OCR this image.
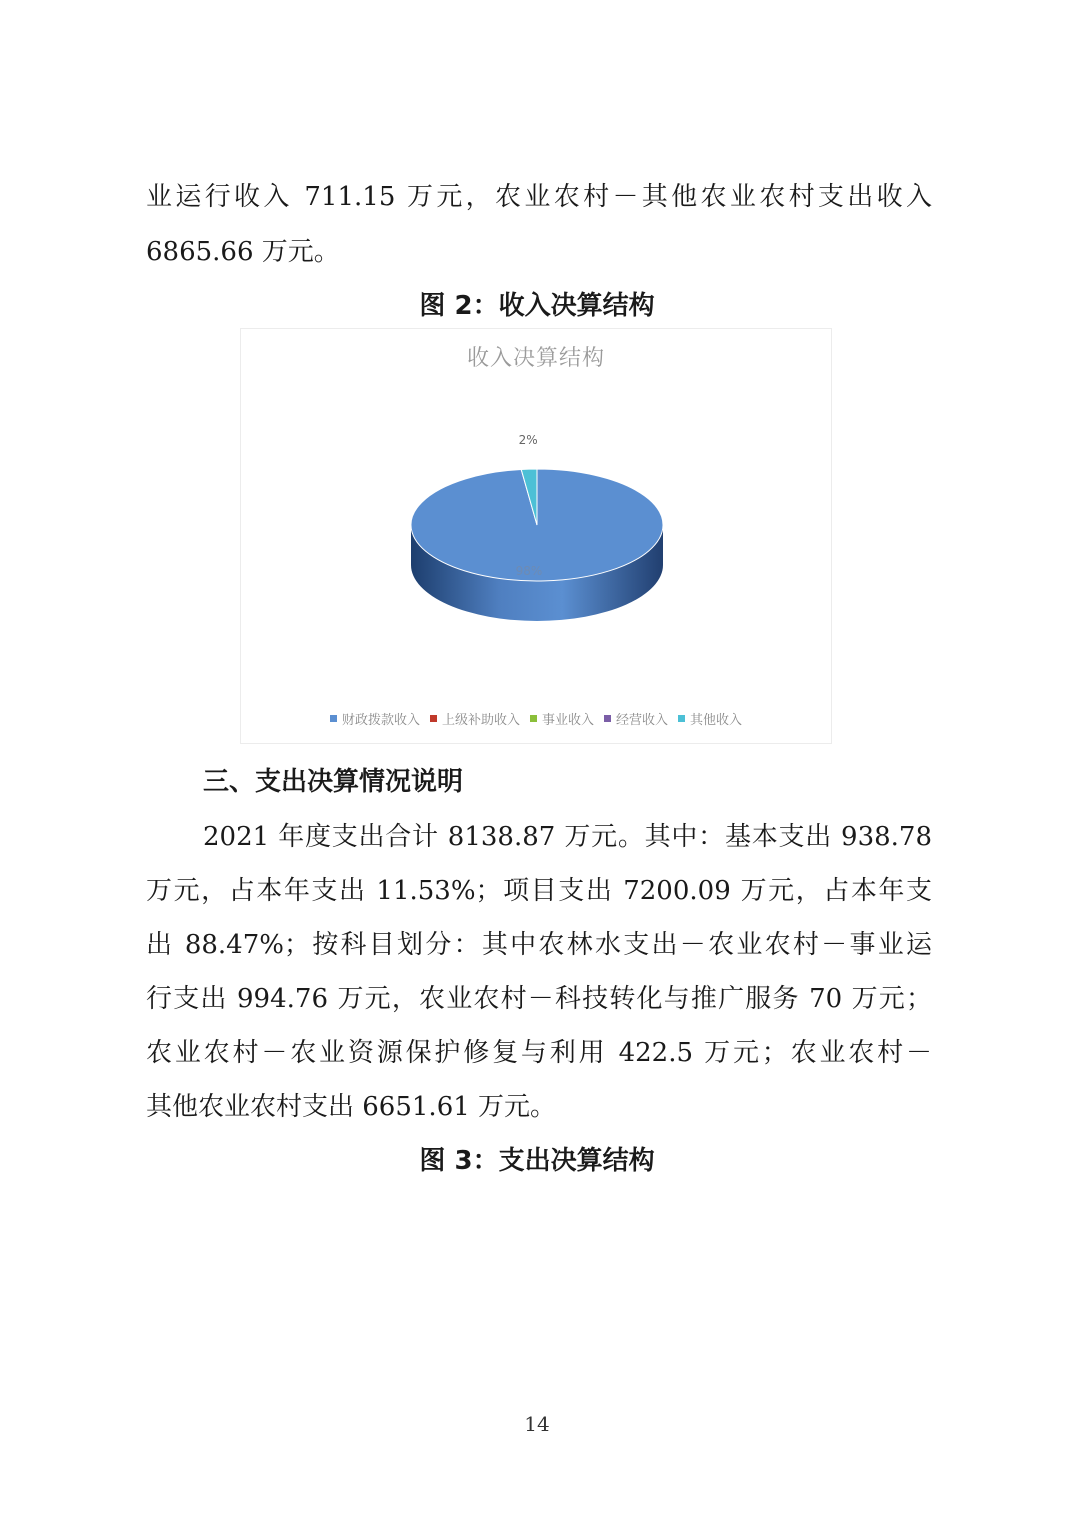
业运行收入 711.15 万元，农业农村－其他农业农村支出收入
6865.66 万元。
图 2：收入决算结构
收入决算结构
98%
2%
财政拨款收入 上级补助收入 事业收入 经营收入 其他收入
三、支出决算情况说明
2021 年度支出合计 8138.87 万元。其中：基本支出 938.78
万元，占本年支出 11.53%；项目支出 7200.09 万元，占本年支
出 88.47%；按科目划分：其中农林水支出－农业农村－事业运
行支出 994.76 万元，农业农村－科技转化与推广服务 70 万元；
农业农村－农业资源保护修复与利用 422.5 万元；农业农村－
其他农业农村支出 6651.61 万元。
图 3：支出决算结构
14
